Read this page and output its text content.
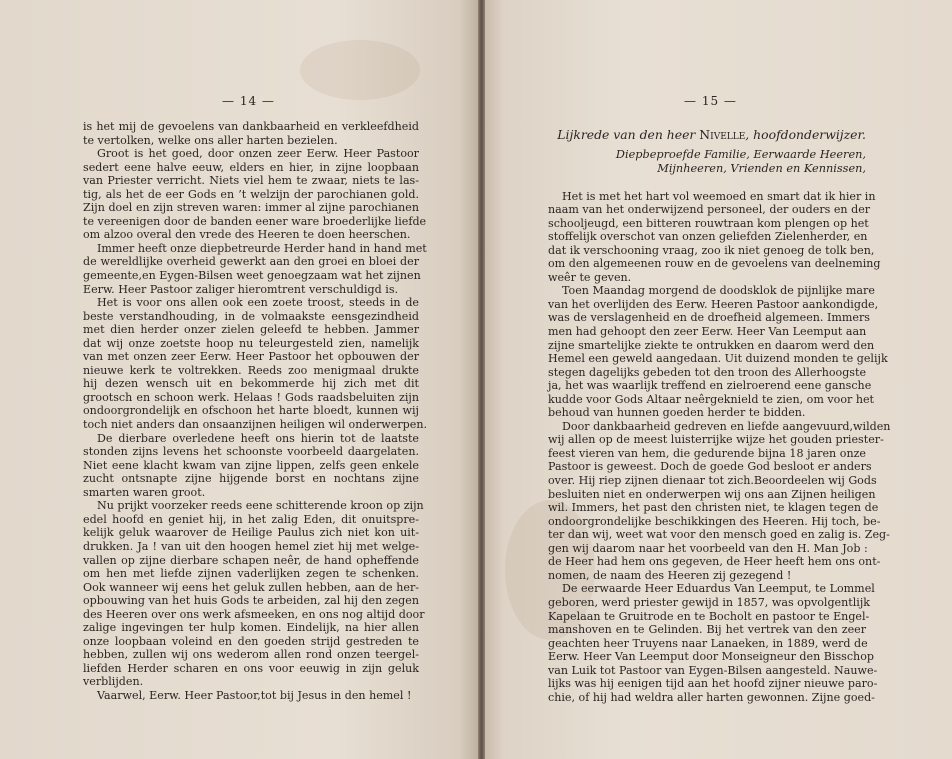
— 14 —
is het mij de gevoelens van dankbaarheid en verkleefdheid
te vertolken, welke ons aller harten bezielen.
Groot is het goed, door onzen zeer Eerw. Heer Pastoor
sedert eene halve eeuw, elders en hier, in zijne loopbaan
van Priester verricht. Niets viel hem te zwaar, niets te las-
tig, als het de eer Gods en ’t welzijn der parochianen gold.
Zijn doel en zijn streven waren: immer al zijne parochianen
te vereenigen door de banden eener ware broederlijke liefde
om alzoo overal den vrede des Heeren te doen heerschen.
Immer heeft onze diepbetreurde Herder hand in hand met
de wereldlijke overheid gewerkt aan den groei en bloei der
gemeente,en Eygen-Bilsen weet genoegzaam wat het zijnen
Eerw. Heer Pastoor zaliger hieromtrent verschuldigd is.
Het is voor ons allen ook een zoete troost, steeds in de
beste verstandhouding, in de volmaakste eensgezindheid
met dien herder onzer zielen geleefd te hebben. Jammer
dat wij onze zoetste hoop nu teleurgesteld zien, namelijk
van met onzen zeer Eerw. Heer Pastoor het opbouwen der
nieuwe kerk te voltrekken. Reeds zoo menigmaal drukte
hij dezen wensch uit en bekommerde hij zich met dit
grootsch en schoon werk. Helaas ! Gods raadsbeluiten zijn
ondoorgrondelijk en ofschoon het harte bloedt, kunnen wij
toch niet anders dan onsaanzijnen heiligen wil onderwerpen.
De dierbare overledene heeft ons hierin tot de laatste
stonden zijns levens het schoonste voorbeeld daargelaten.
Niet eene klacht kwam van zijne lippen, zelfs geen enkele
zucht ontsnapte zijne hijgende borst en nochtans zijne
smarten waren groot.
Nu prijkt voorzeker reeds eene schitterende kroon op zijn
edel hoofd en geniet hij, in het zalig Eden, dit onuitspre-
kelijk geluk waarover de Heilige Paulus zich niet kon uit-
drukken. Ja ! van uit den hoogen hemel ziet hij met welge-
vallen op zijne dierbare schapen neêr, de hand opheffende
om hen met liefde zijnen vaderlijken zegen te schenken.
Ook wanneer wij eens het geluk zullen hebben, aan de her-
opbouwing van het huis Gods te arbeiden, zal hij den zegen
des Heeren over ons werk afsmeeken, en ons nog altijd door
zalige ingevingen ter hulp komen. Eindelijk, na hier allen
onze loopbaan voleind en den goeden strijd gestreden te
hebben, zullen wij ons wederom allen rond onzen teergel-
liefden Herder scharen en ons voor eeuwig in zijn geluk
verblijden.
Vaarwel, Eerw. Heer Pastoor,tot bij Jesus in den hemel !
— 15 —
Lijkrede van den heer Nivelle, hoofdonderwijzer.
Diepbeproefde Familie, Eerwaarde Heeren,
Mijnheeren, Vrienden en Kennissen,
Het is met het hart vol weemoed en smart dat ik hier in
naam van het onderwijzend personeel, der ouders en der
schooljeugd, een bitteren rouwtraan kom plengen op het
stoffelijk overschot van onzen geliefden Zielenherder, en
dat ik verschooning vraag, zoo ik niet genoeg de tolk ben,
om den algemeenen rouw en de gevoelens van deelneming
weêr te geven.
Toen Maandag morgend de doodsklok de pijnlijke mare
van het overlijden des Eerw. Heeren Pastoor aankondigde,
was de verslagenheid en de droefheid algemeen. Immers
men had gehoopt den zeer Eerw. Heer Van Leemput aan
zijne smartelijke ziekte te ontrukken en daarom werd den
Hemel een geweld aangedaan. Uit duizend monden te gelijk
stegen dagelijks gebeden tot den troon des Allerhoogste
ja, het was waarlijk treffend en zielroerend eene gansche
kudde voor Gods Altaar neêrgeknield te zien, om voor het
behoud van hunnen goeden herder te bidden.
Door dankbaarheid gedreven en liefde aangevuurd,wilden
wij allen op de meest luisterrijke wijze het gouden priester-
feest vieren van hem, die gedurende bijna 18 jaren onze
Pastoor is geweest. Doch de goede God besloot er anders
over. Hij riep zijnen dienaar tot zich.Beoordeelen wij Gods
besluiten niet en onderwerpen wij ons aan Zijnen heiligen
wil. Immers, het past den christen niet, te klagen tegen de
ondoorgrondelijke beschikkingen des Heeren. Hij toch, be-
ter dan wij, weet wat voor den mensch goed en zalig is. Zeg-
gen wij daarom naar het voorbeeld van den H. Man Job :
de Heer had hem ons gegeven, de Heer heeft hem ons ont-
nomen, de naam des Heeren zij gezegend !
De eerwaarde Heer Eduardus Van Leemput, te Lommel
geboren, werd priester gewijd in 1857, was opvolgentlijk
Kapelaan te Gruitrode en te Bocholt en pastoor te Engel-
manshoven en te Gelinden. Bij het vertrek van den zeer
geachten heer Truyens naar Lanaeken, in 1889, werd de
Eerw. Heer Van Leemput door Monseigneur den Bisschop
van Luik tot Pastoor van Eygen-Bilsen aangesteld. Nauwe-
lijks was hij eenigen tijd aan het hoofd zijner nieuwe paro-
chie, of hij had weldra aller harten gewonnen. Zijne goed-
